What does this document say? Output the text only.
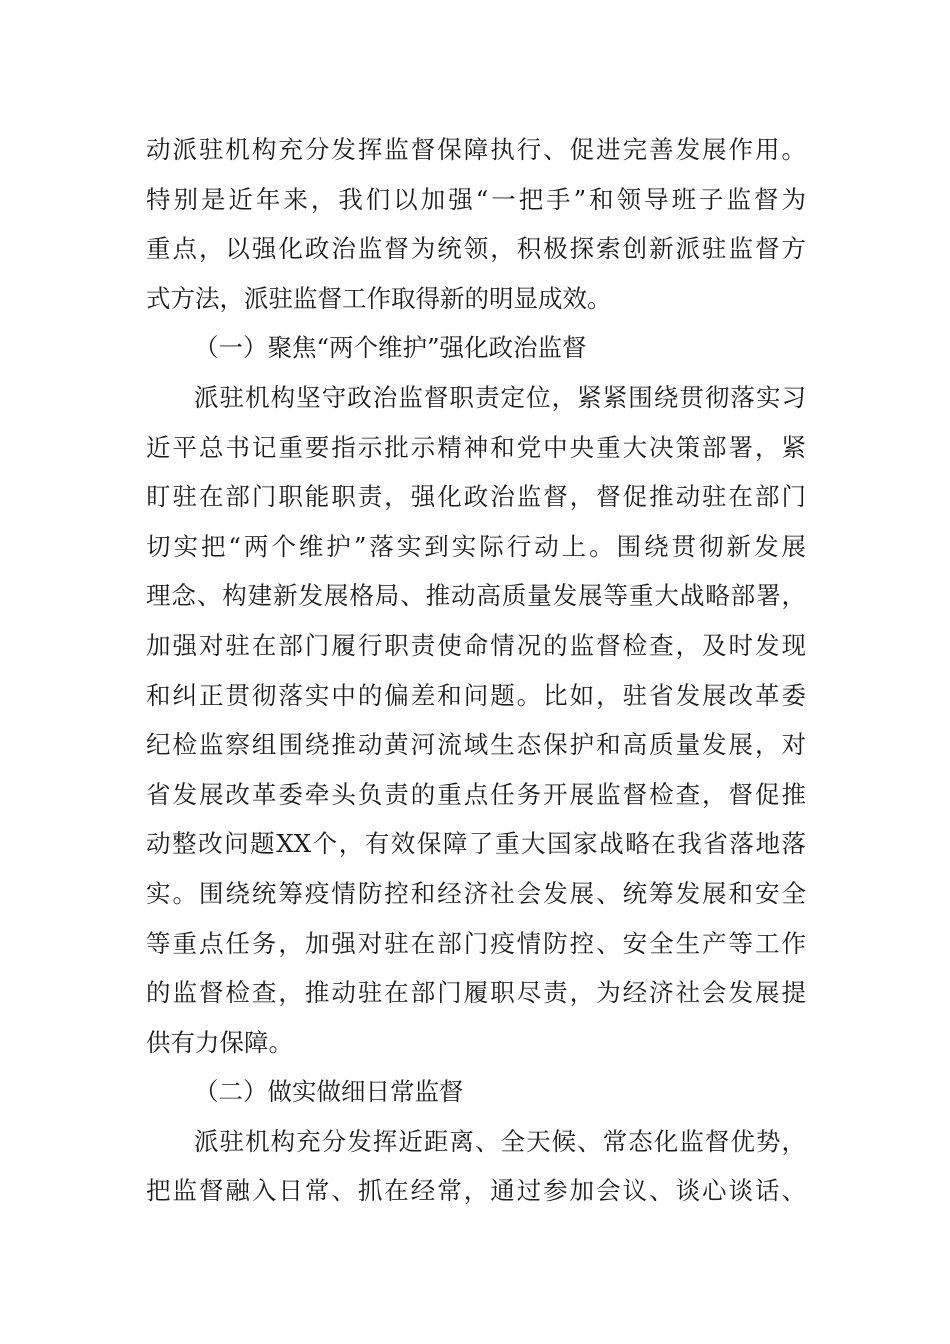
动派驻机构充分发挥监督保障执行、促进完善发展作用。
特别是近年来，我们以加强“一把手”和领导班子监督为
重点，以强化政治监督为统领，积极探索创新派驻监督方
式方法，派驻监督工作取得新的明显成效。
（一）聚焦“两个维护”强化政治监督
派驻机构坚守政治监督职责定位，紧紧围绕贯彻落实习
近平总书记重要指示批示精神和党中央重大决策部署，紧
盯驻在部门职能职责，强化政治监督，督促推动驻在部门
切实把“两个维护”落实到实际行动上。围绕贯彻新发展
理念、构建新发展格局、推动高质量发展等重大战略部署，
加强对驻在部门履行职责使命情况的监督检查，及时发现
和纠正贯彻落实中的偏差和问题。比如，驻省发展改革委
纪检监察组围绕推动黄河流域生态保护和高质量发展，对
省发展改革委牵头负责的重点任务开展监督检查，督促推
动整改问题XX个，有效保障了重大国家战略在我省落地落
实。围绕统筹疫情防控和经济社会发展、统筹发展和安全
等重点任务，加强对驻在部门疫情防控、安全生产等工作
的监督检查，推动驻在部门履职尽责，为经济社会发展提
供有力保障。
（二）做实做细日常监督
派驻机构充分发挥近距离、全天候、常态化监督优势，
把监督融入日常、抓在经常，通过参加会议、谈心谈话、
